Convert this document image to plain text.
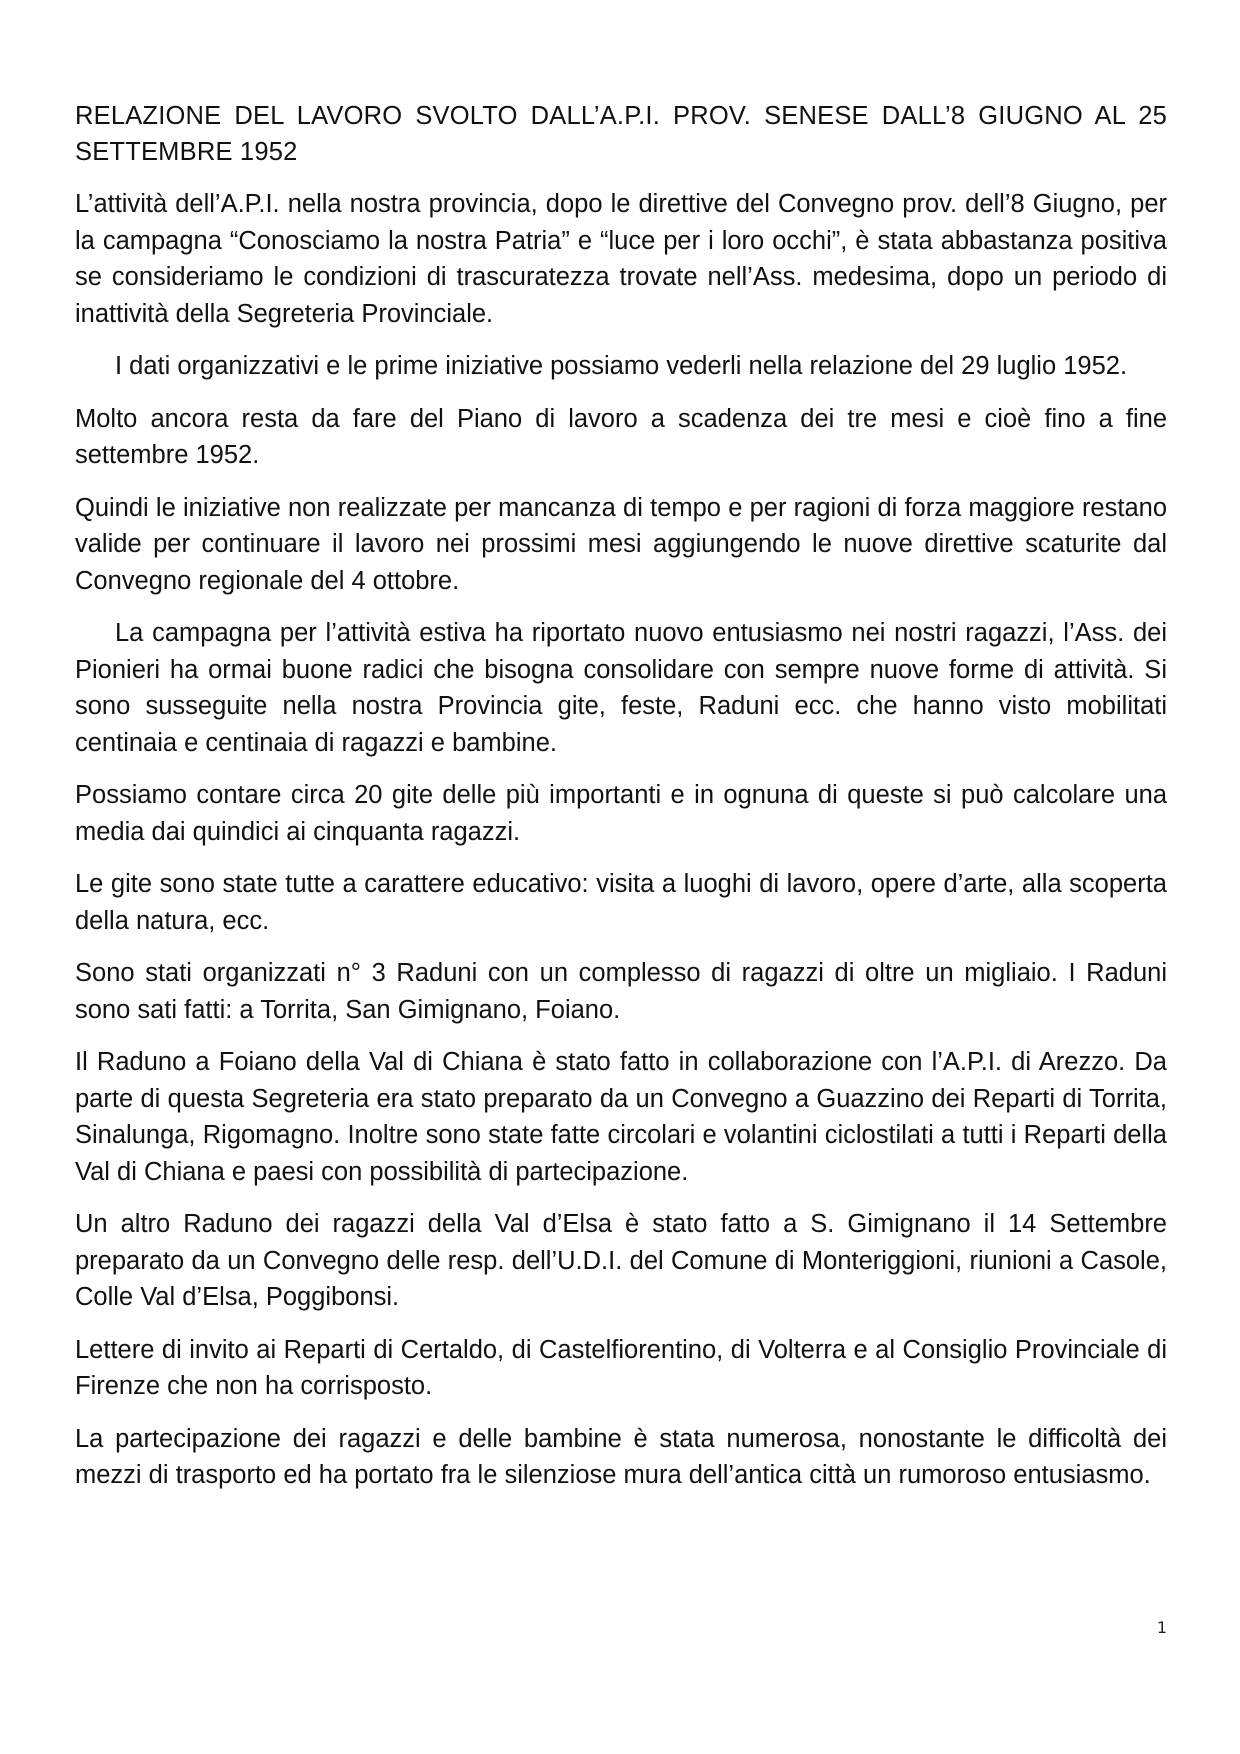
RELAZIONE DEL LAVORO SVOLTO DALL’A.P.I. PROV. SENESE DALL’8 GIUGNO AL 25 SETTEMBRE 1952

L’attività dell’A.P.I. nella nostra provincia, dopo le direttive del Convegno prov. dell’8 Giugno, per la campagna “Conosciamo la nostra Patria” e “luce per i loro occhi”, è stata abbastanza positiva se consideriamo le condizioni di trascuratezza trovate nell’Ass. medesima, dopo un periodo di inattività della Segreteria Provinciale.

I dati organizzativi e le prime iniziative possiamo vederli nella relazione del 29 luglio 1952.

Molto ancora resta da fare del Piano di lavoro a scadenza dei tre mesi e cioè fino a fine settembre 1952.

Quindi le iniziative non realizzate per mancanza di tempo e per ragioni di forza maggiore restano valide per continuare il lavoro nei prossimi mesi aggiungendo le nuove direttive scaturite dal Convegno regionale del 4 ottobre.

La campagna per l’attività estiva ha riportato nuovo entusiasmo nei nostri ragazzi, l’Ass. dei Pionieri ha ormai buone radici che bisogna consolidare con sempre nuove forme di attività. Si sono susseguite nella nostra Provincia gite, feste, Raduni ecc. che hanno visto mobilitati centinaia e centinaia di ragazzi e bambine.

Possiamo contare circa 20 gite delle più importanti e in ognuna di queste si può calcolare una media dai quindici ai cinquanta ragazzi.

Le gite sono state tutte a carattere educativo: visita a luoghi di lavoro, opere d’arte, alla scoperta della natura, ecc.

Sono stati organizzati n° 3 Raduni con un complesso di ragazzi di oltre un migliaio. I Raduni sono sati fatti: a Torrita, San Gimignano, Foiano.

Il Raduno a Foiano della Val di Chiana è stato fatto in collaborazione con l’A.P.I. di Arezzo. Da parte di questa Segreteria era stato preparato da un Convegno a Guazzino dei Reparti di Torrita, Sinalunga, Rigomagno. Inoltre sono state fatte circolari e volantini ciclostilati a tutti i Reparti della Val di Chiana e paesi con possibilità di partecipazione.

Un altro Raduno dei ragazzi della Val d’Elsa è stato fatto a S. Gimignano il 14 Settembre preparato da un Convegno delle resp. dell’U.D.I. del Comune di Monteriggioni, riunioni a Casole, Colle Val d’Elsa, Poggibonsi.

Lettere di invito ai Reparti di Certaldo, di Castelfiorentino, di Volterra e al Consiglio Provinciale di Firenze che non ha corrisposto.

La partecipazione dei ragazzi e delle bambine è stata numerosa, nonostante le difficoltà dei mezzi di trasporto ed ha portato fra le silenziose mura dell’antica città un rumoroso entusiasmo.

1
